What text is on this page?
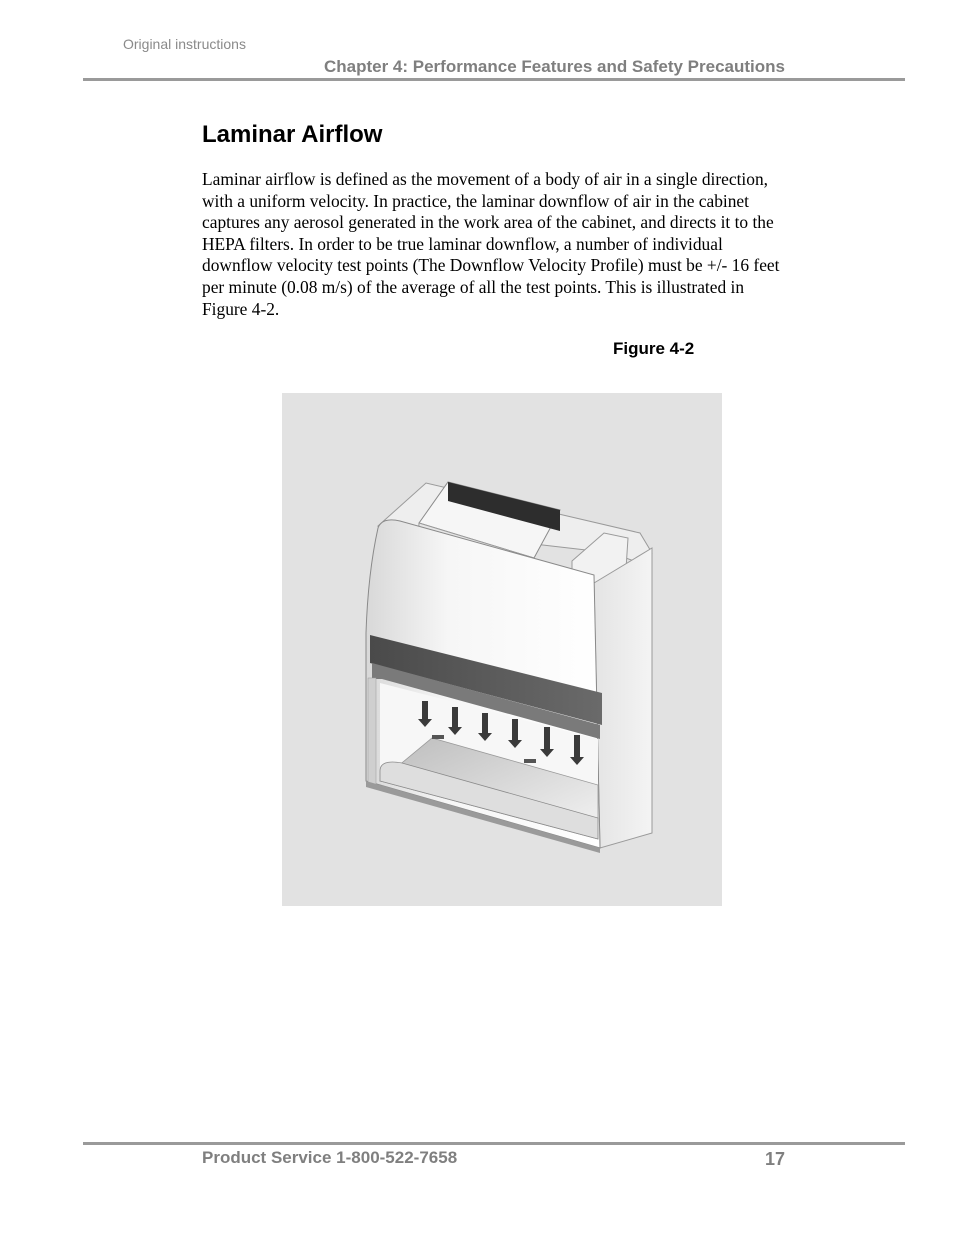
Original instructions
Chapter 4: Performance Features and Safety Precautions
Laminar Airflow
Laminar airflow is defined as the movement of a body of air in a single direction, with a uniform velocity. In practice, the laminar downflow of air in the cabinet captures any aerosol generated in the work area of the cabinet, and directs it to the HEPA filters. In order to be true laminar downflow, a number of individual downflow velocity test points (The Downflow Velocity Profile) must be +/- 16 feet per minute (0.08 m/s) of the average of all the test points. This is illustrated in Figure 4-2.
Figure 4-2
Product Service 1-800-522-7658	17
